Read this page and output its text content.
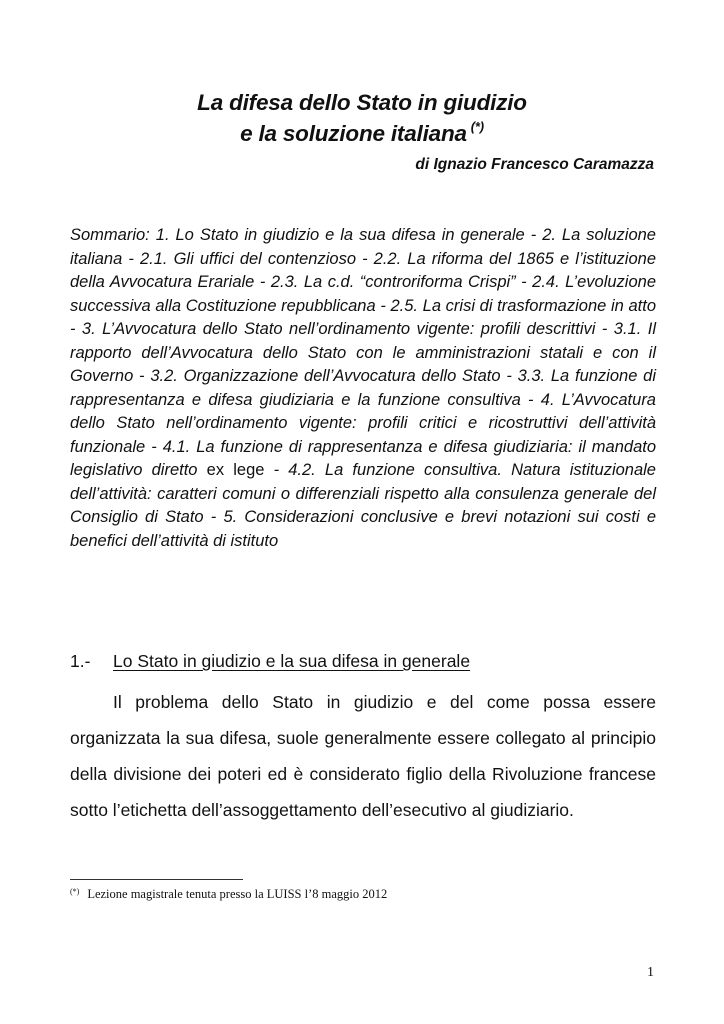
La difesa dello Stato in giudizio
e la soluzione italiana (*)
di Ignazio Francesco Caramazza
Sommario: 1. Lo Stato in giudizio e la sua difesa in generale - 2. La soluzione italiana - 2.1. Gli uffici del contenzioso - 2.2. La riforma del 1865 e l’istituzione della Avvocatura Erariale - 2.3. La c.d. “controriforma Crispi” - 2.4. L’evoluzione successiva alla Costituzione repubblicana - 2.5. La crisi di trasformazione in atto - 3. L’Avvocatura dello Stato nell’ordinamento vigente: profili descrittivi - 3.1. Il rapporto dell’Avvocatura dello Stato con le amministrazioni statali e con il Governo - 3.2. Organizzazione dell’Avvocatura dello Stato - 3.3. La funzione di rappresentanza e difesa giudiziaria e la funzione consultiva - 4. L’Avvocatura dello Stato nell’ordinamento vigente: profili critici e ricostruttivi dell’attività funzionale - 4.1. La funzione di rappresentanza e difesa giudiziaria: il mandato legislativo diretto ex lege - 4.2. La funzione consultiva. Natura istituzionale dell’attività: caratteri comuni o differenziali rispetto alla consulenza generale del Consiglio di Stato - 5. Considerazioni conclusive e brevi notazioni sui costi e benefici dell’attività di istituto
1.- Lo Stato in giudizio e la sua difesa in generale
Il problema dello Stato in giudizio e del come possa essere organizzata la sua difesa, suole generalmente essere collegato al principio della divisione dei poteri ed è considerato figlio della Rivoluzione francese sotto l’etichetta dell’assoggettamento dell’esecutivo al giudiziario.
(*) Lezione magistrale tenuta presso la LUISS l’8 maggio 2012
1
